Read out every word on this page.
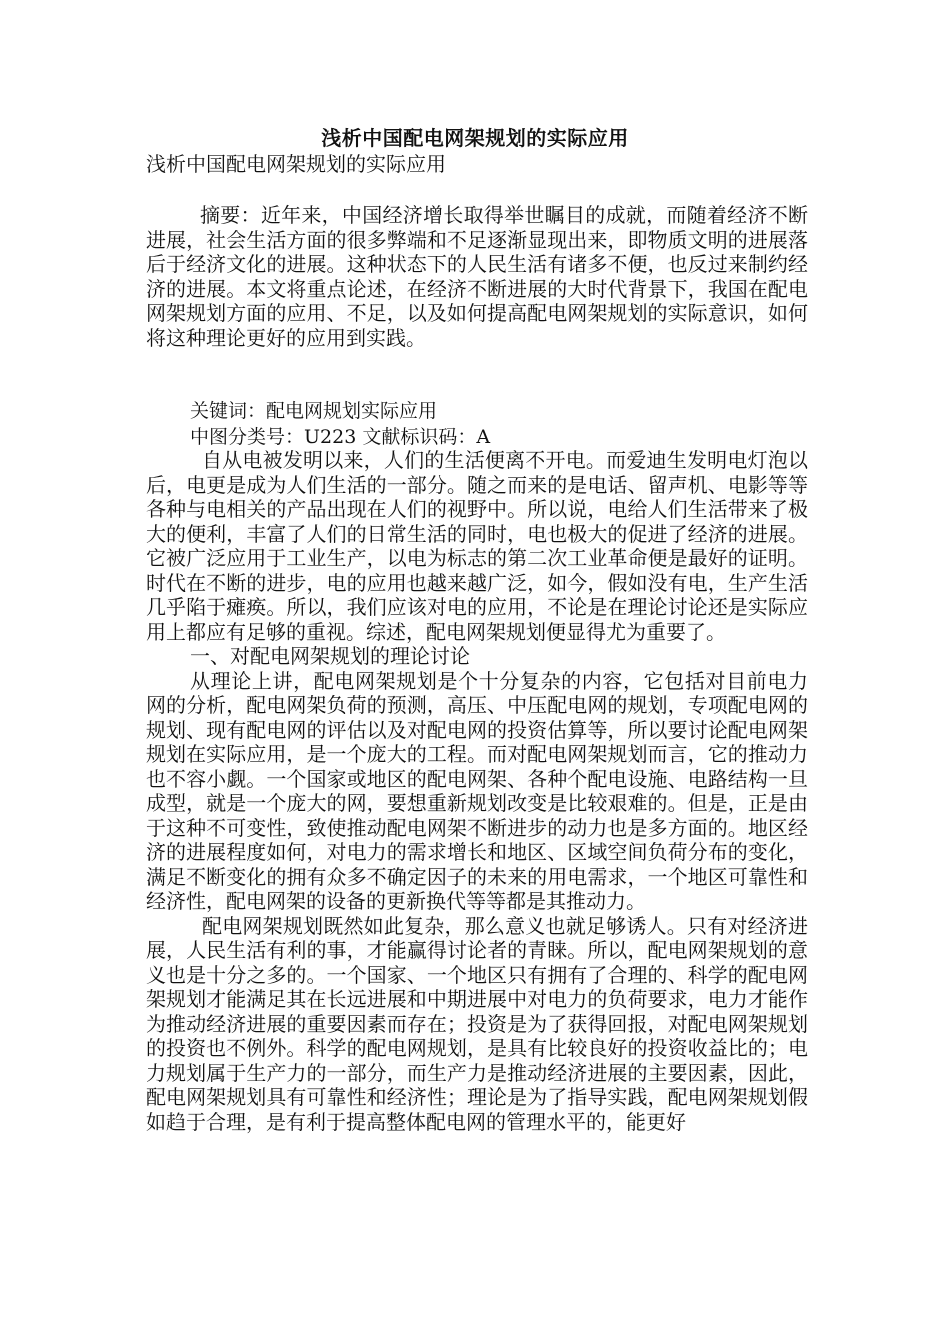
浅析中国配电网架规划的实际应用
浅析中国配电网架规划的实际应用

摘要：近年来，中国经济增长取得举世瞩目的成就，而随着经济不断进展，社会生活方面的很多弊端和不足逐渐显现出来，即物质文明的进展落后于经济文化的进展。这种状态下的人民生活有诸多不便，也反过来制约经济的进展。本文将重点论述，在经济不断进展的大时代背景下，我国在配电网架规划方面的应用、不足，以及如何提高配电网架规划的实际意识，如何将这种理论更好的应用到实践。

关键词：配电网规划实际应用
中图分类号：U223 文献标识码：A

自从电被发明以来，人们的生活便离不开电。而爱迪生发明电灯泡以后，电更是成为人们生活的一部分。随之而来的是电话、留声机、电影等等各种与电相关的产品出现在人们的视野中。所以说，电给人们生活带来了极大的便利，丰富了人们的日常生活的同时，电也极大的促进了经济的进展。它被广泛应用于工业生产，以电为标志的第二次工业革命便是最好的证明。时代在不断的进步，电的应用也越来越广泛，如今，假如没有电，生产生活几乎陷于瘫痪。所以，我们应该对电的应用，不论是在理论讨论还是实际应用上都应有足够的重视。综述，配电网架规划便显得尤为重要了。

一、对配电网架规划的理论讨论

从理论上讲，配电网架规划是个十分复杂的内容，它包括对目前电力网的分析，配电网架负荷的预测，高压、中压配电网的规划，专项配电网的规划、现有配电网的评估以及对配电网的投资估算等，所以要讨论配电网架规划在实际应用，是一个庞大的工程。而对配电网架规划而言，它的推动力也不容小觑。一个国家或地区的配电网架、各种个配电设施、电路结构一旦成型，就是一个庞大的网，要想重新规划改变是比较艰难的。但是，正是由于这种不可变性，致使推动配电网架不断进步的动力也是多方面的。地区经济的进展程度如何，对电力的需求增长和地区、区域空间负荷分布的变化，满足不断变化的拥有众多不确定因子的未来的用电需求，一个地区可靠性和经济性，配电网架的设备的更新换代等等都是其推动力。

配电网架规划既然如此复杂，那么意义也就足够诱人。只有对经济进展，人民生活有利的事，才能赢得讨论者的青睐。所以，配电网架规划的意义也是十分之多的。一个国家、一个地区只有拥有了合理的、科学的配电网架规划才能满足其在长远进展和中期进展中对电力的负荷要求，电力才能作为推动经济进展的重要因素而存在；投资是为了获得回报，对配电网架规划的投资也不例外。科学的配电网规划，是具有比较良好的投资收益比的；电力规划属于生产力的一部分，而生产力是推动经济进展的主要因素，因此，配电网架规划具有可靠性和经济性；理论是为了指导实践，配电网架规划假如趋于合理，是有利于提高整体配电网的管理水平的，能更好
